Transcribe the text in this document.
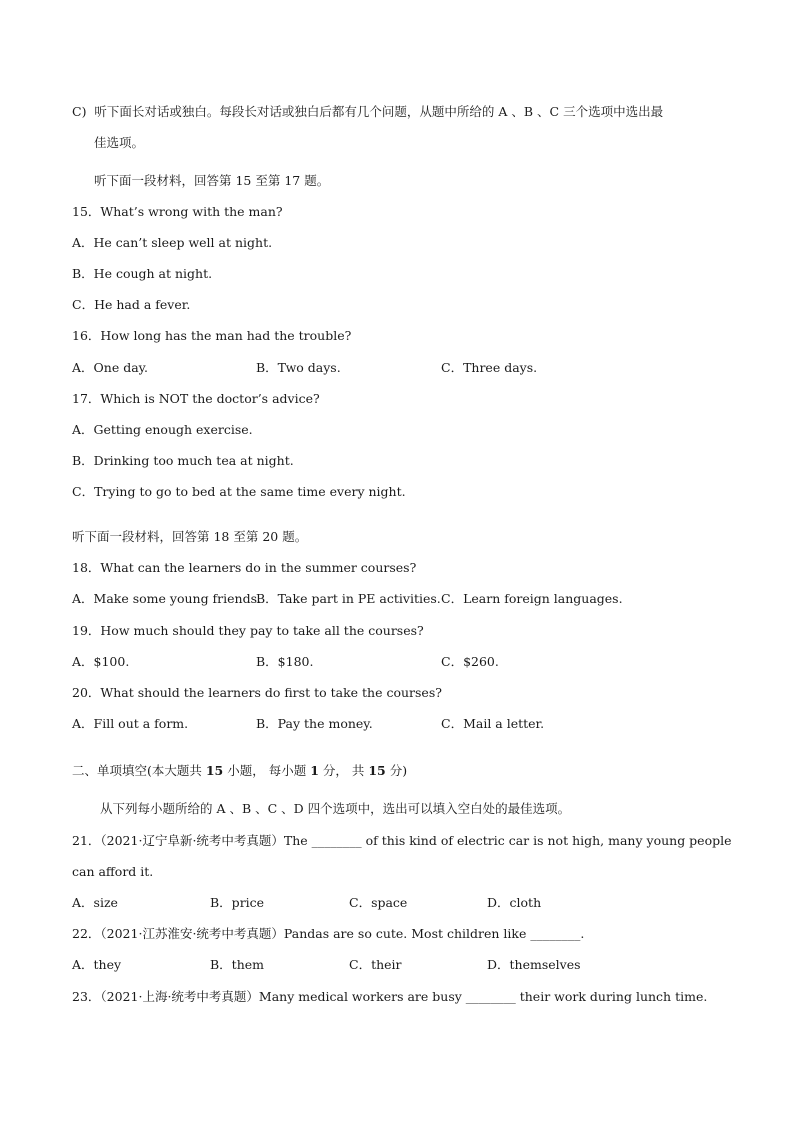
C) 听下面长对话或独白。每段长对话或独白后都有几个问题，从题中所给的 A 、B 、C 三个选项中选出最
佳选项。
听下面一段材料，回答第 15 至第 17 题。
15．What’s wrong with the man?
A．He can’t sleep well at night.
B．He cough at night.
C．He had a fever.
16．How long has the man had the trouble?
A．One day.	B．Two days.	C．Three days.
17．Which is NOT the doctor’s advice?
A．Getting enough exercise.
B．Drinking too much tea at night.
C．Trying to go to bed at the same time every night.
听下面一段材料，回答第 18 至第 20 题。
18．What can the learners do in the summer courses?
A．Make some young friends.
B．Take part in PE activities. C．Learn foreign languages.
19．How much should they pay to take all the courses?
A．$100.	B．$180.	C．$260.
20．What should the learners do first to take the courses?
A．Fill out a form.	B．Pay the money.	C．Mail a letter.
二、单项填空(本大题共 15 小题， 每小题 1 分， 共 15 分)
从下列每小题所给的 A 、B 、C 、D 四个选项中，选出可以填入空白处的最佳选项。
21．（2021·辽宁阜新·统考中考真题）The ________ of this kind of electric car is not high, many young people
can afford it.
A．size	B．price	C．space	D．cloth
22．（2021·江苏淮安·统考中考真题）Pandas are so cute. Most children like ________.
A．they	B．them	C．their	D．themselves
23．（2021·上海·统考中考真题）Many medical workers are busy ________ their work during lunch time.
